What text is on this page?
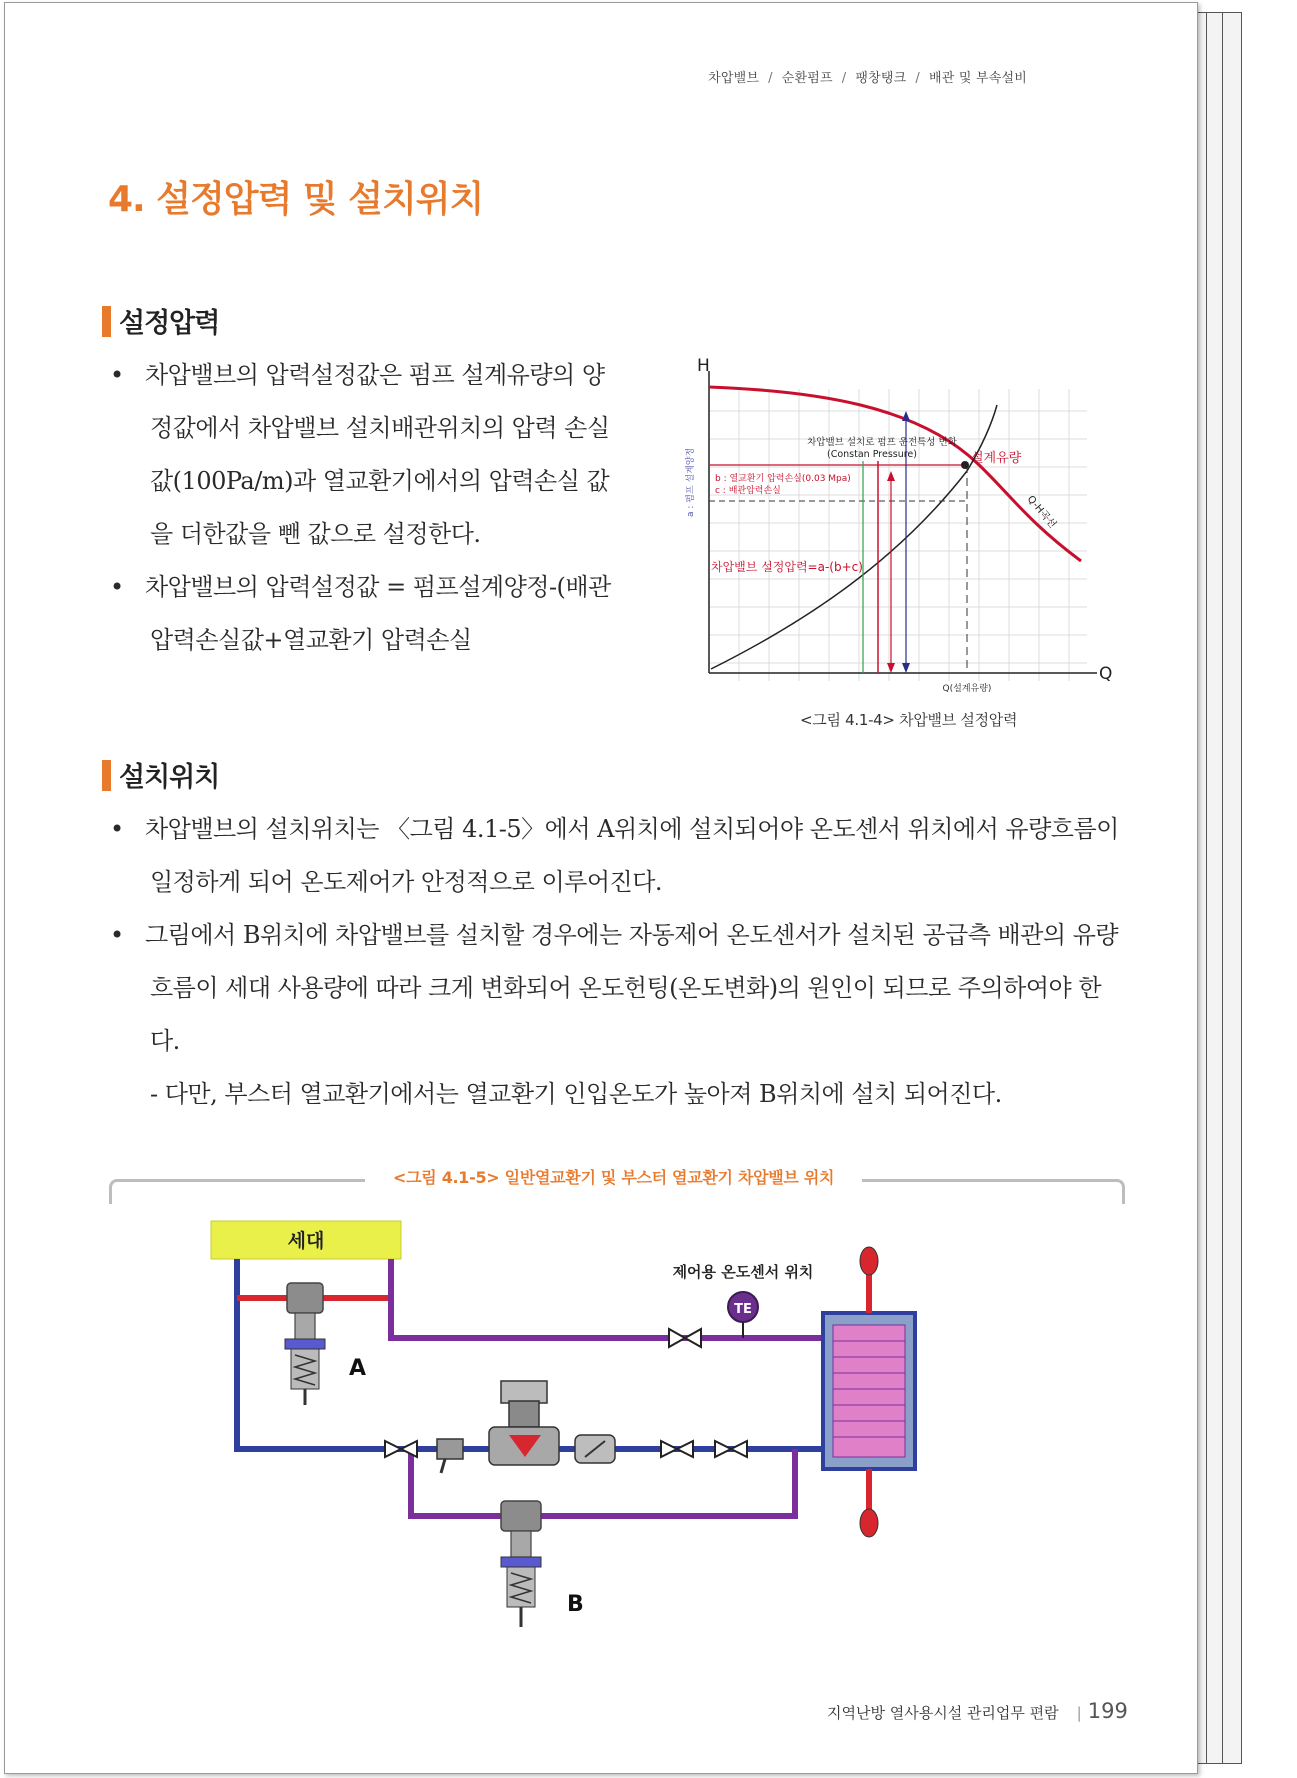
차압밸브 / 순환펌프 / 팽창탱크 / 배관 및 부속설비
4. 설정압력 및 설치위치
설정압력

• 차압밸브의 압력설정값은 펌프 설계유량의 양정값에서 차압밸브 설치배관위치의 압력 손실값(100Pa/m)과 열교환기에서의 압력손실 값을 더한값을 뺀 값으로 설정한다.

• 차압밸브의 압력설정값 = 펌프설계양정-(배관압력손실값+열교환기 압력손실

H
Q
a : 펌프 설계양정
차압밸브 설치로 펌프 운전특성 변화
(Constan Pressure)
b : 열교환기 압력손실(0.03 Mpa)
c : 배관압력손실
설계유량
Q-H곡선
차압밸브 설정압력=a-(b+c)
Q(설계유량)
<그림 4.1-4> 차압밸브 설정압력
설치위치

• 차압밸브의 설치위치는 〈그림 4.1-5〉에서 A위치에 설치되어야 온도센서 위치에서 유량흐름이 일정하게 되어 온도제어가 안정적으로 이루어진다.

• 그림에서 B위치에 차압밸브를 설치할 경우에는 자동제어 온도센서가 설치된 공급측 배관의 유량 흐름이 세대 사용량에 따라 크게 변화되어 온도헌팅(온도변화)의 원인이 되므로 주의하여야 한다.

- 다만, 부스터 열교환기에서는 열교환기 인입온도가 높아져 B위치에 설치 되어진다.

<그림 4.1-5> 일반열교환기 및 부스터 열교환기 차압밸브 위치
세대
A
TE
제어용 온도센서 위치
B
지역난방 열사용시설 관리업무 편람 | 199
